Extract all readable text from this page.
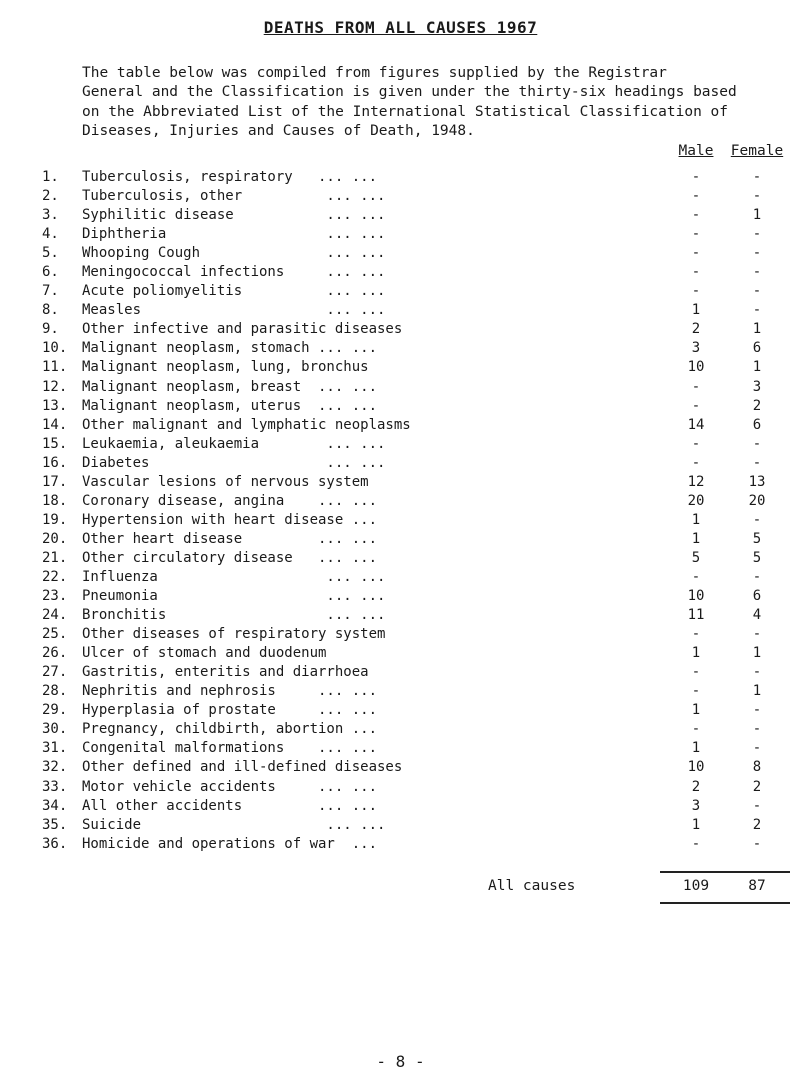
DEATHS FROM ALL CAUSES 1967

The table below was compiled from figures supplied by the Registrar

General and the Classification is given under the thirty-six headings based

on the Abbreviated List of the International Statistical Classification of

Diseases, Injuries and Causes of Death, 1948.

Male	Female
1.	Tuberculosis, respiratory   ... ...	-	-
2.	Tuberculosis, other          ... ...	-	-
3.	Syphilitic disease           ... ...	-	1
4.	Diphtheria                   ... ...	-	-
5.	Whooping Cough               ... ...	-	-
6.	Meningococcal infections     ... ...	-	-
7.	Acute poliomyelitis          ... ...	-	-
8.	Measles                      ... ...	1	-
9.	Other infective and parasitic diseases	2	1
10.	Malignant neoplasm, stomach ... ...	3	6
11.	Malignant neoplasm, lung, bronchus	10	1
12.	Malignant neoplasm, breast  ... ...	-	3
13.	Malignant neoplasm, uterus  ... ...	-	2
14.	Other malignant and lymphatic neoplasms	14	6
15.	Leukaemia, aleukaemia        ... ...	-	-
16.	Diabetes                     ... ...	-	-
17.	Vascular lesions of nervous system	12	13
18.	Coronary disease, angina    ... ...	20	20
19.	Hypertension with heart disease ...	1	-
20.	Other heart disease         ... ...	1	5
21.	Other circulatory disease   ... ...	5	5
22.	Influenza                    ... ...	-	-
23.	Pneumonia                    ... ...	10	6
24.	Bronchitis                   ... ...	11	4
25.	Other diseases of respiratory system	-	-
26.	Ulcer of stomach and duodenum	1	1
27.	Gastritis, enteritis and diarrhoea	-	-
28.	Nephritis and nephrosis     ... ...	-	1
29.	Hyperplasia of prostate     ... ...	1	-
30.	Pregnancy, childbirth, abortion ...	-	-
31.	Congenital malformations    ... ...	1	-
32.	Other defined and ill-defined diseases	10	8
33.	Motor vehicle accidents     ... ...	2	2
34.	All other accidents         ... ...	3	-
35.	Suicide                      ... ...	1	2
36.	Homicide and operations of war  ...	-	-
All causes	109	87
- 8 -
